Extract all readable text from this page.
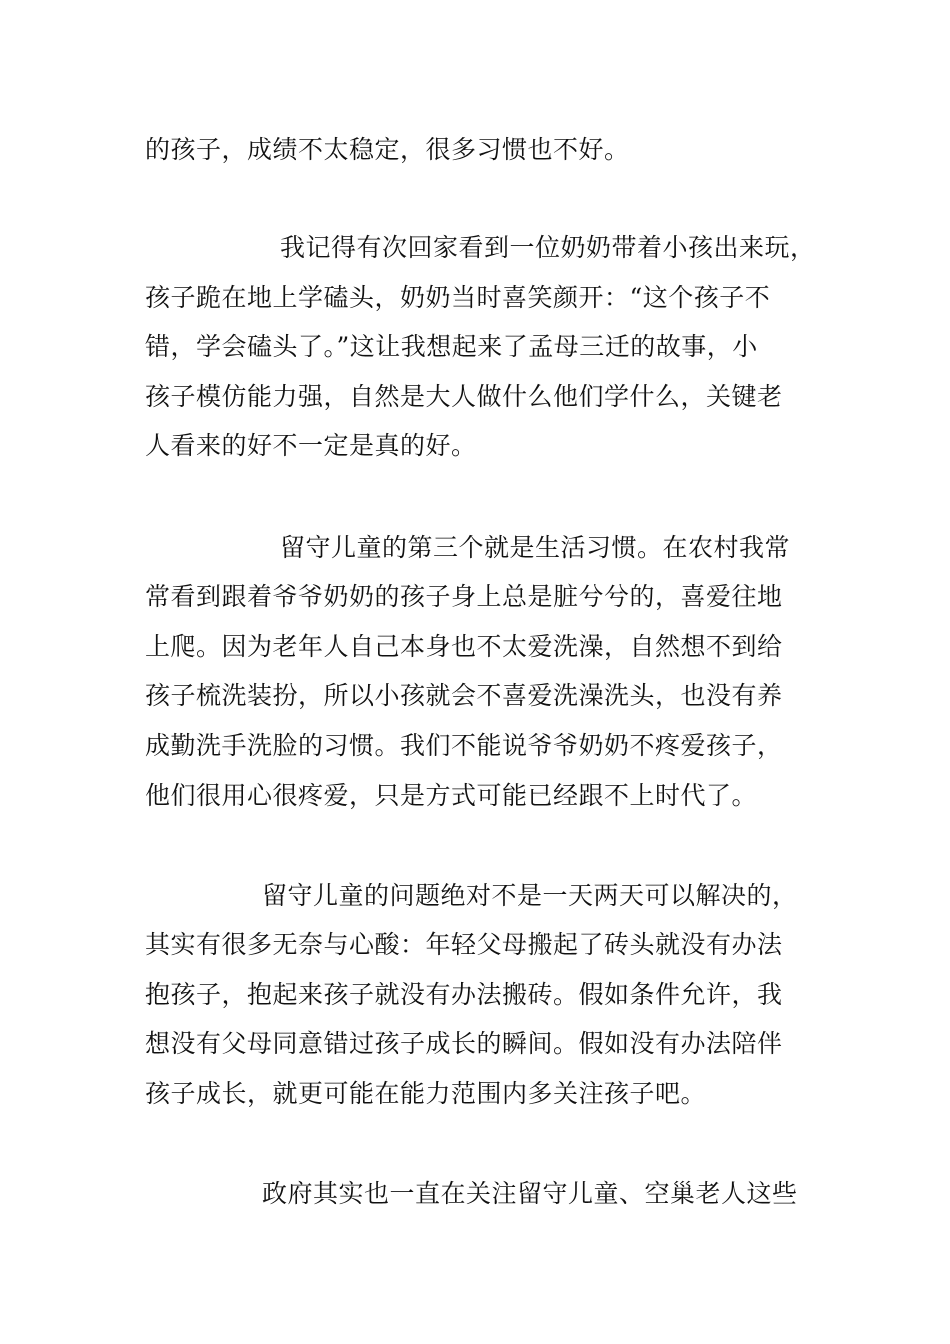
的孩子，成绩不太稳定，很多习惯也不好。
我记得有次回家看到一位奶奶带着小孩出来玩，
孩子跪在地上学磕头，奶奶当时喜笑颜开：“这个孩子不
错，学会磕头了。”这让我想起来了孟母三迁的故事，小
孩子模仿能力强，自然是大人做什么他们学什么，关键老
人看来的好不一定是真的好。
留守儿童的第三个就是生活习惯。在农村我常
常看到跟着爷爷奶奶的孩子身上总是脏兮兮的，喜爱往地
上爬。因为老年人自己本身也不太爱洗澡，自然想不到给
孩子梳洗装扮，所以小孩就会不喜爱洗澡洗头，也没有养
成勤洗手洗脸的习惯。我们不能说爷爷奶奶不疼爱孩子，
他们很用心很疼爱，只是方式可能已经跟不上时代了。
留守儿童的问题绝对不是一天两天可以解决的，
其实有很多无奈与心酸：年轻父母搬起了砖头就没有办法
抱孩子，抱起来孩子就没有办法搬砖。假如条件允许，我
想没有父母同意错过孩子成长的瞬间。假如没有办法陪伴
孩子成长，就更可能在能力范围内多关注孩子吧。
政府其实也一直在关注留守儿童、空巢老人这些
